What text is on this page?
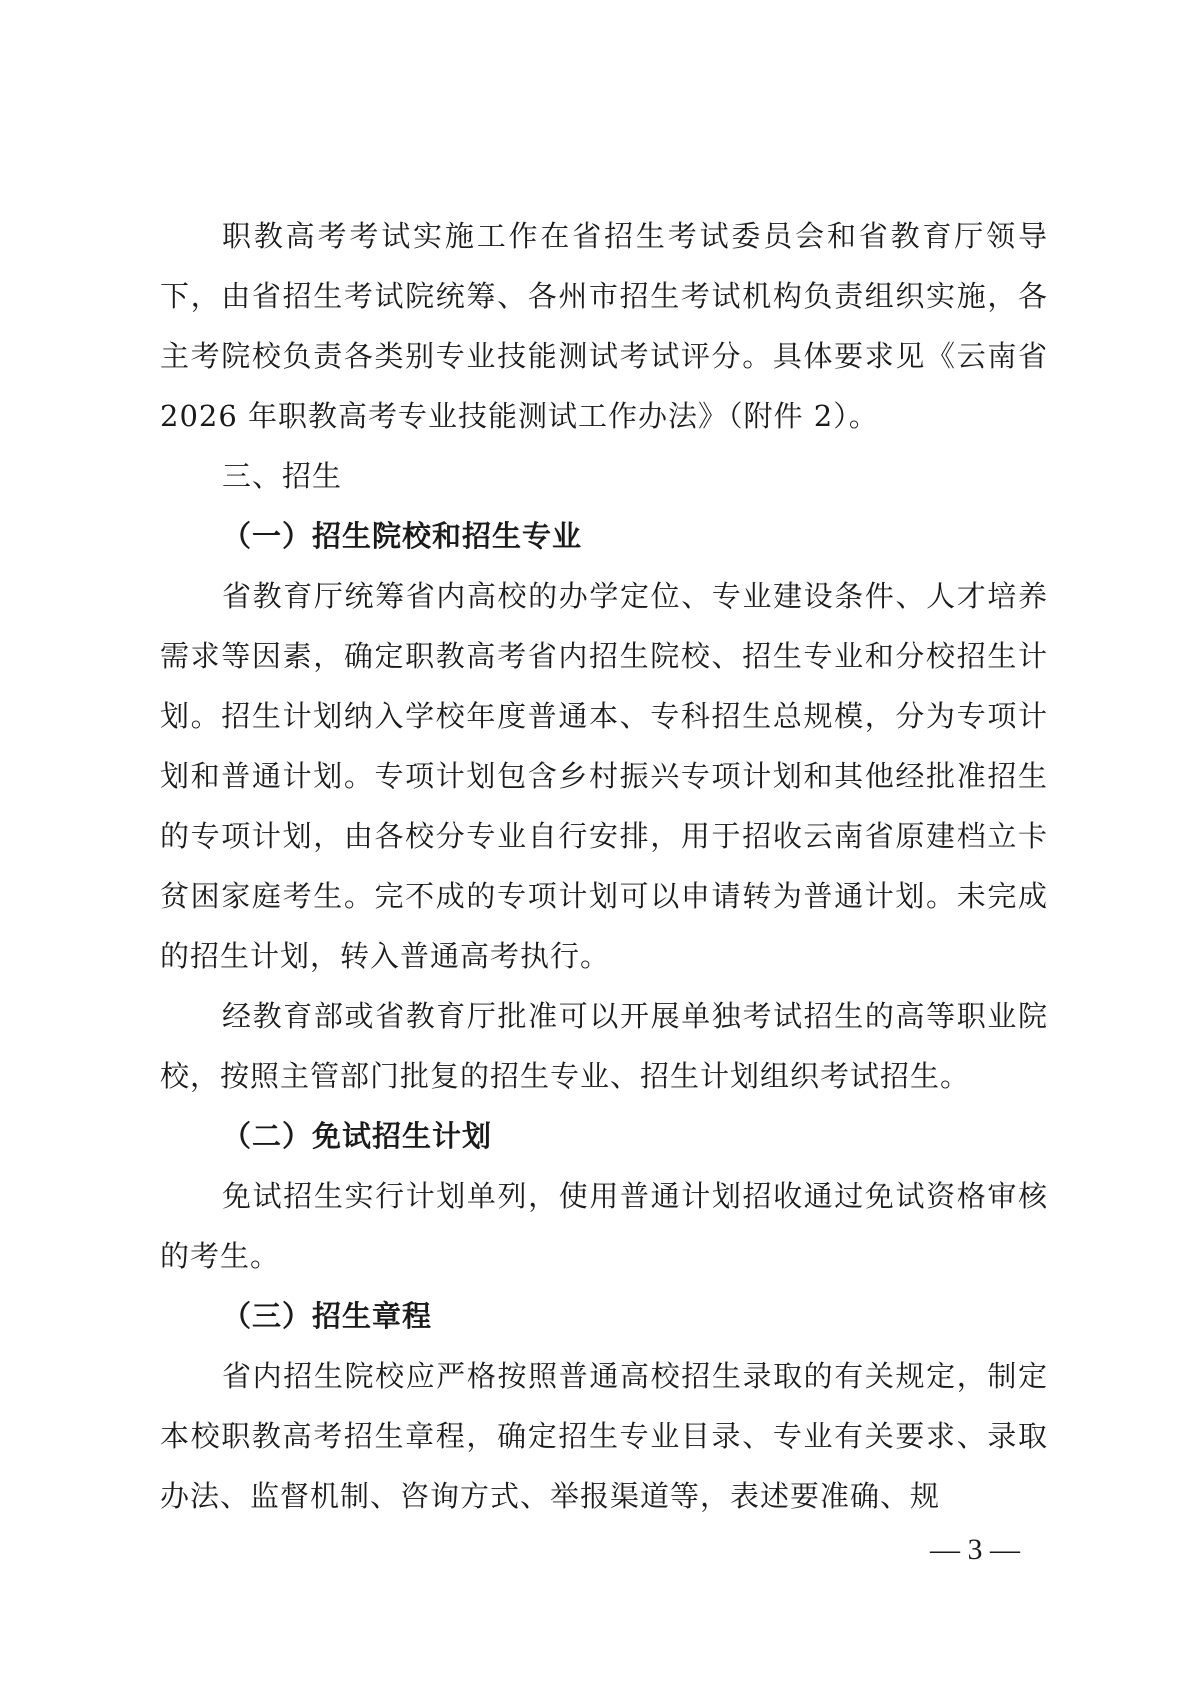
职教高考考试实施工作在省招生考试委员会和省教育厅领导下，由省招生考试院统筹、各州市招生考试机构负责组织实施，各主考院校负责各类别专业技能测试考试评分。具体要求见《云南省 2026 年职教高考专业技能测试工作办法》（附件 2）。

三、招生

（一）招生院校和招生专业

省教育厅统筹省内高校的办学定位、专业建设条件、人才培养需求等因素，确定职教高考省内招生院校、招生专业和分校招生计划。招生计划纳入学校年度普通本、专科招生总规模，分为专项计划和普通计划。专项计划包含乡村振兴专项计划和其他经批准招生的专项计划，由各校分专业自行安排，用于招收云南省原建档立卡贫困家庭考生。完不成的专项计划可以申请转为普通计划。未完成的招生计划，转入普通高考执行。

经教育部或省教育厅批准可以开展单独考试招生的高等职业院校，按照主管部门批复的招生专业、招生计划组织考试招生。

（二）免试招生计划

免试招生实行计划单列，使用普通计划招收通过免试资格审核的考生。

（三）招生章程

省内招生院校应严格按照普通高校招生录取的有关规定，制定本校职教高考招生章程，确定招生专业目录、专业有关要求、录取办法、监督机制、咨询方式、举报渠道等，表述要准确、规

— 3 —
